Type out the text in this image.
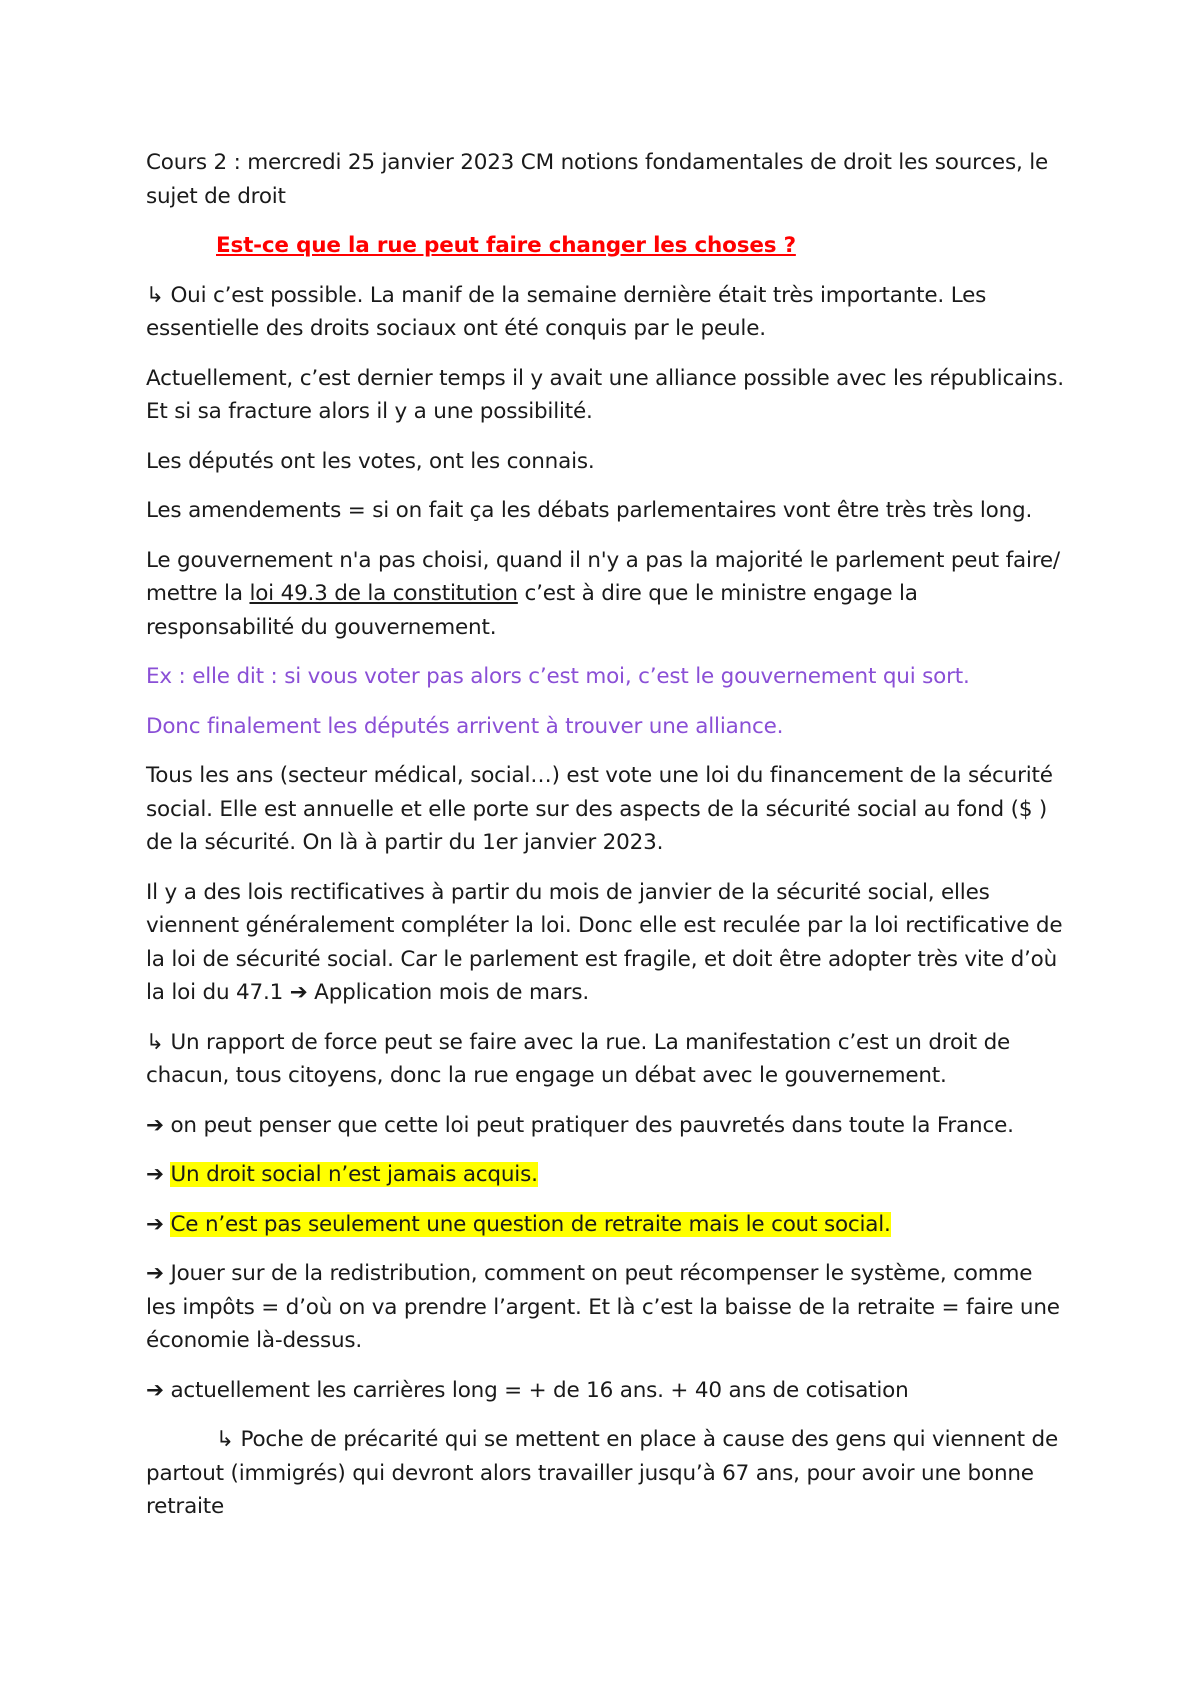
Cours 2 : mercredi 25 janvier 2023 CM notions fondamentales de droit les sources, le sujet de droit

Est-ce que la rue peut faire changer les choses ?

↳ Oui c’est possible. La manif de la semaine dernière était très importante. Les essentielle des droits sociaux ont été conquis par le peule.

Actuellement, c’est dernier temps il y avait une alliance possible avec les républicains. Et si sa fracture alors il y a une possibilité.

Les députés ont les votes, ont les connais.

Les amendements = si on fait ça les débats parlementaires vont être très très long.

Le gouvernement n'a pas choisi, quand il n'y a pas la majorité le parlement peut faire/ mettre la loi 49.3 de la constitution c’est à dire que le ministre engage la responsabilité du gouvernement.

Ex : elle dit : si vous voter pas alors c’est moi, c’est le gouvernement qui sort.

Donc finalement les députés arrivent à trouver une alliance.

Tous les ans (secteur médical, social…) est vote une loi du financement de la sécurité social. Elle est annuelle et elle porte sur des aspects de la sécurité social au fond ($ ) de la sécurité. On là à partir du 1er janvier 2023.

Il y a des lois rectificatives à partir du mois de janvier de la sécurité social, elles viennent généralement compléter la loi. Donc elle est reculée par la loi rectificative de la loi de sécurité social. Car le parlement est fragile, et doit être adopter très vite d’où la loi du 47.1 ➔ Application mois de mars.

↳ Un rapport de force peut se faire avec la rue. La manifestation c’est un droit de chacun, tous citoyens, donc la rue engage un débat avec le gouvernement.

➔ on peut penser que cette loi peut pratiquer des pauvretés dans toute la France.

➔ Un droit social n’est jamais acquis.

➔ Ce n’est pas seulement une question de retraite mais le cout social.

➔ Jouer sur de la redistribution, comment on peut récompenser le système, comme les impôts = d’où on va prendre l’argent. Et là c’est la baisse de la retraite = faire une économie là-dessus.

➔ actuellement les carrières long = + de 16 ans. + 40 ans de cotisation

↳ Poche de précarité qui se mettent en place à cause des gens qui viennent de
partout (immigrés) qui devront alors travailler jusqu’à 67 ans, pour avoir une bonne retraite
